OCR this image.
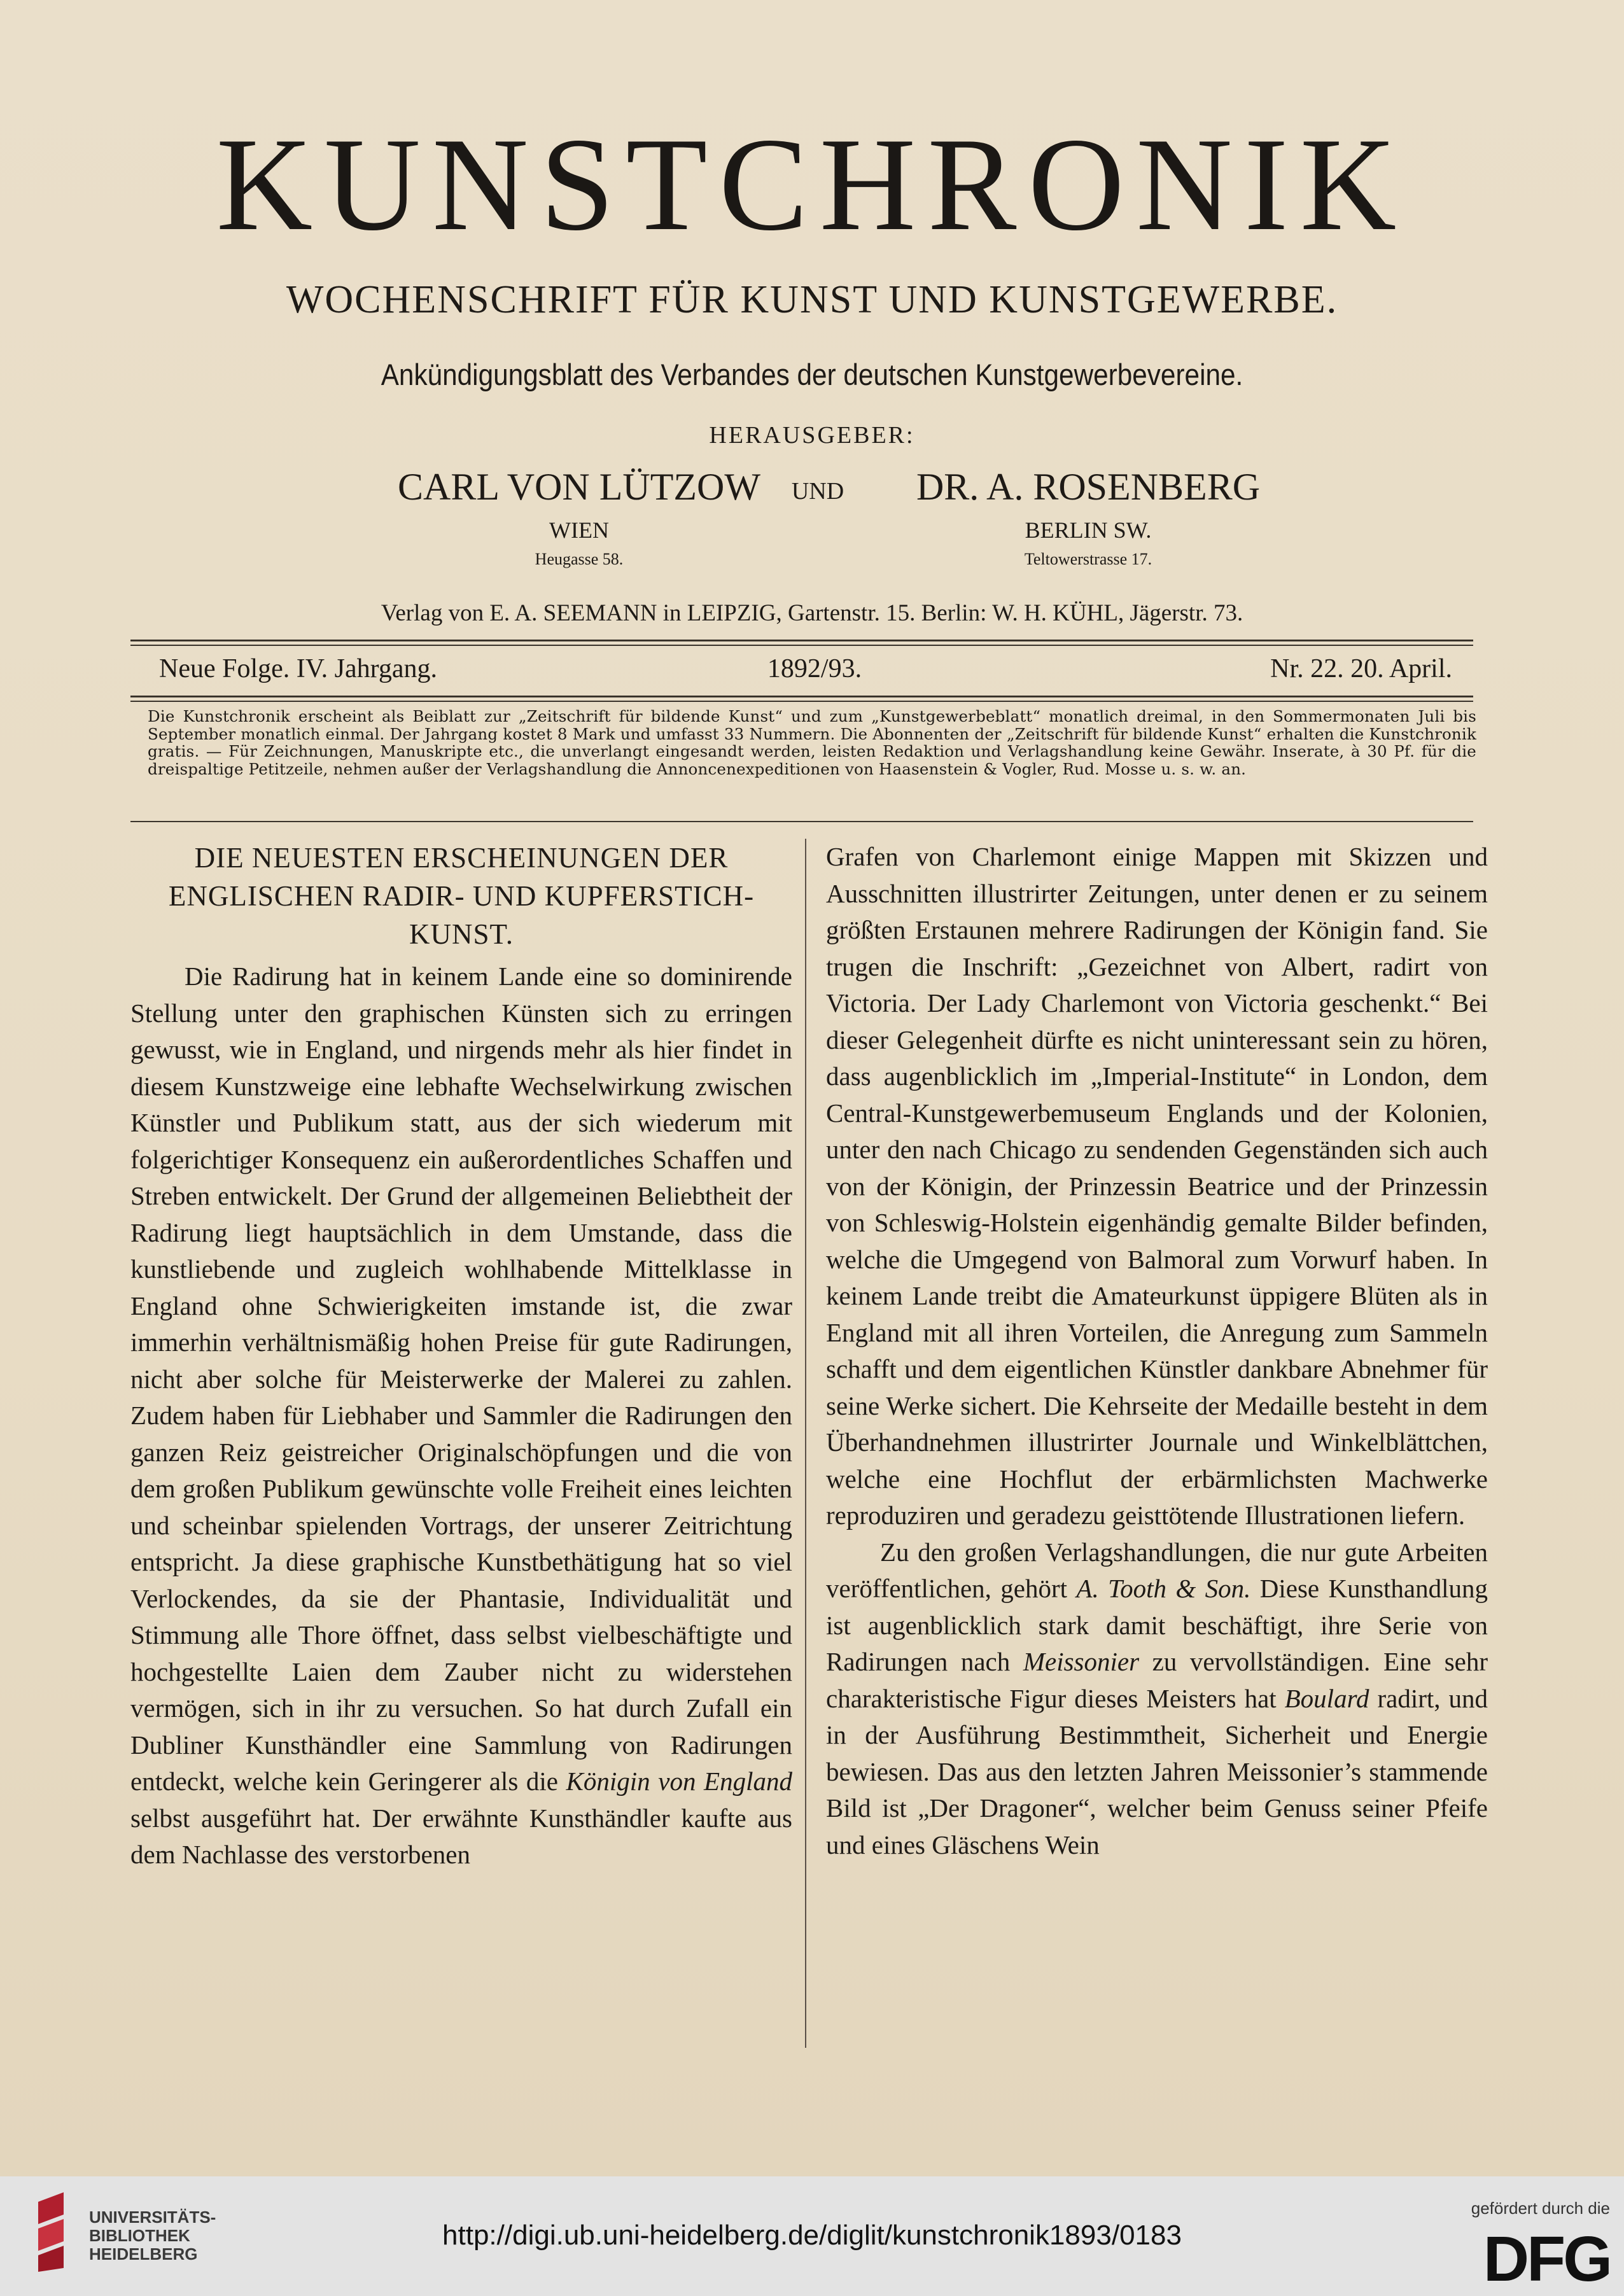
KUNSTCHRONIK
WOCHENSCHRIFT FÜR KUNST UND KUNSTGEWERBE.
Ankündigungsblatt des Verbandes der deutschen Kunstgewerbevereine.
HERAUSGEBER:
CARL VON LÜTZOW	UND	DR. A. ROSENBERG
WIEN	BERLIN SW.
Heugasse 58.	Teltowerstrasse 17.
Verlag von E. A. SEEMANN in LEIPZIG, Gartenstr. 15. Berlin: W. H. KÜHL, Jägerstr. 73.
Neue Folge. IV. Jahrgang.	1892/93.	Nr. 22. 20. April.
Die Kunstchronik erscheint als Beiblatt zur „Zeitschrift für bildende Kunst“ und zum „Kunstgewerbeblatt“ monatlich dreimal, in den Sommermonaten Juli bis September monatlich einmal. Der Jahrgang kostet 8 Mark und umfasst 33 Nummern. Die Abonnenten der „Zeitschrift für bildende Kunst“ erhalten die Kunstchronik gratis. — Für Zeichnungen, Manuskripte etc., die unverlangt eingesandt werden, leisten Redaktion und Verlagshandlung keine Gewähr. Inserate, à 30 Pf. für die dreispaltige Petitzeile, nehmen außer der Verlagshandlung die Annoncenexpeditionen von Haasenstein & Vogler, Rud. Mosse u. s. w. an.
DIE NEUESTEN ERSCHEINUNGEN DER ENGLISCHEN RADIR- UND KUPFERSTICH-KUNST.

Die Radirung hat in keinem Lande eine so dominirende Stellung unter den graphischen Künsten sich zu erringen gewusst, wie in England, und nirgends mehr als hier findet in diesem Kunstzweige eine lebhafte Wechselwirkung zwischen Künstler und Publikum statt, aus der sich wiederum mit folgerichtiger Konsequenz ein außerordentliches Schaffen und Streben entwickelt. Der Grund der allgemeinen Beliebtheit der Radirung liegt hauptsächlich in dem Umstande, dass die kunstliebende und zugleich wohlhabende Mittelklasse in England ohne Schwierigkeiten imstande ist, die zwar immerhin verhältnismäßig hohen Preise für gute Radirungen, nicht aber solche für Meisterwerke der Malerei zu zahlen. Zudem haben für Liebhaber und Sammler die Radirungen den ganzen Reiz geistreicher Originalschöpfungen und die von dem großen Publikum gewünschte volle Freiheit eines leichten und scheinbar spielenden Vortrags, der unserer Zeitrichtung entspricht. Ja diese graphische Kunstbethätigung hat so viel Verlockendes, da sie der Phantasie, Individualität und Stimmung alle Thore öffnet, dass selbst vielbeschäftigte und hochgestellte Laien dem Zauber nicht zu widerstehen vermögen, sich in ihr zu versuchen. So hat durch Zufall ein Dubliner Kunsthändler eine Sammlung von Radirungen entdeckt, welche kein Geringerer als die Königin von England selbst ausgeführt hat. Der erwähnte Kunsthändler kaufte aus dem Nachlasse des verstorbenen

Grafen von Charlemont einige Mappen mit Skizzen und Ausschnitten illustrirter Zeitungen, unter denen er zu seinem größten Erstaunen mehrere Radirungen der Königin fand. Sie trugen die Inschrift: „Gezeichnet von Albert, radirt von Victoria. Der Lady Charlemont von Victoria geschenkt.“ Bei dieser Gelegenheit dürfte es nicht uninteressant sein zu hören, dass augenblicklich im „Imperial-Institute“ in London, dem Central-Kunstgewerbemuseum Englands und der Kolonien, unter den nach Chicago zu sendenden Gegenständen sich auch von der Königin, der Prinzessin Beatrice und der Prinzessin von Schleswig-Holstein eigenhändig gemalte Bilder befinden, welche die Umgegend von Balmoral zum Vorwurf haben. In keinem Lande treibt die Amateurkunst üppigere Blüten als in England mit all ihren Vorteilen, die Anregung zum Sammeln schafft und dem eigentlichen Künstler dankbare Abnehmer für seine Werke sichert. Die Kehrseite der Medaille besteht in dem Überhandnehmen illustrirter Journale und Winkelblättchen, welche eine Hochflut der erbärmlichsten Machwerke reproduziren und geradezu geisttötende Illustrationen liefern.

Zu den großen Verlagshandlungen, die nur gute Arbeiten veröffentlichen, gehört A. Tooth & Son. Diese Kunsthandlung ist augenblicklich stark damit beschäftigt, ihre Serie von Radirungen nach Meissonier zu vervollständigen. Eine sehr charakteristische Figur dieses Meisters hat Boulard radirt, und in der Ausführung Bestimmtheit, Sicherheit und Energie bewiesen. Das aus den letzten Jahren Meissonier’s stammende Bild ist „Der Dragoner“, welcher beim Genuss seiner Pfeife und eines Gläschens Wein

UNIVERSITÄTS-
BIBLIOTHEK
HEIDELBERG
http://digi.ub.uni-heidelberg.de/diglit/kunstchronik1893/0183
gefördert durch die
DFG
